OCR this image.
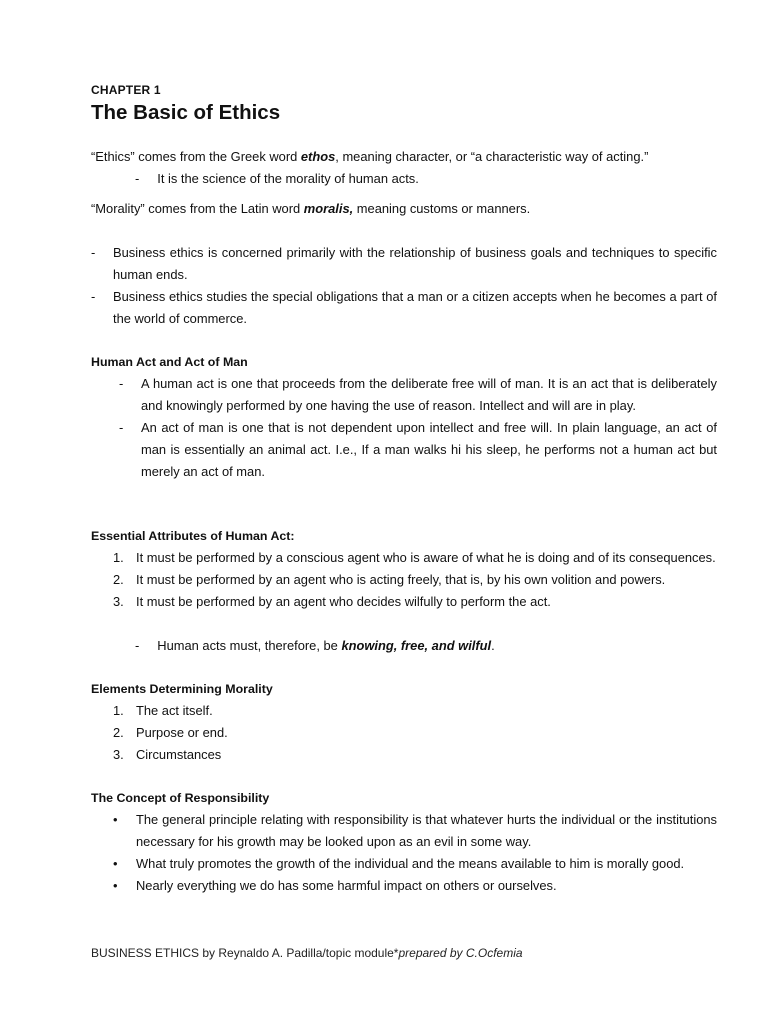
CHAPTER 1
The Basic of Ethics
“Ethics” comes from the Greek word ethos, meaning character, or “a characteristic way of acting.”
- It is the science of the morality of human acts.
“Morality” comes from the Latin word moralis, meaning customs or manners.
-	Business ethics is concerned primarily with the relationship of business goals and techniques to specific human ends.
-	Business ethics studies the special obligations that a man or a citizen accepts when he becomes a part of the world of commerce.
Human Act and Act of Man
-	A human act is one that proceeds from the deliberate free will of man. It is an act that is deliberately and knowingly performed by one having the use of reason. Intellect and will are in play.
-	An act of man is one that is not dependent upon intellect and free will. In plain language, an act of man is essentially an animal act. I.e., If a man walks hi his sleep, he performs not a human act but merely an act of man.
Essential Attributes of Human Act:
1. It must be performed by a conscious agent who is aware of what he is doing and of its consequences.
2. It must be performed by an agent who is acting freely, that is, by his own volition and powers.
3. It must be performed by an agent who decides wilfully to perform the act.
- Human acts must, therefore, be knowing, free, and wilful.
Elements Determining Morality
1. The act itself.
2. Purpose or end.
3. Circumstances
The Concept of Responsibility
•	The general principle relating with responsibility is that whatever hurts the individual or the institutions necessary for his growth may be looked upon as an evil in some way.
•	What truly promotes the growth of the individual and the means available to him is morally good.
•	Nearly everything we do has some harmful impact on others or ourselves.
BUSINESS ETHICS by Reynaldo A. Padilla/topic module*prepared by C.Ocfemia
